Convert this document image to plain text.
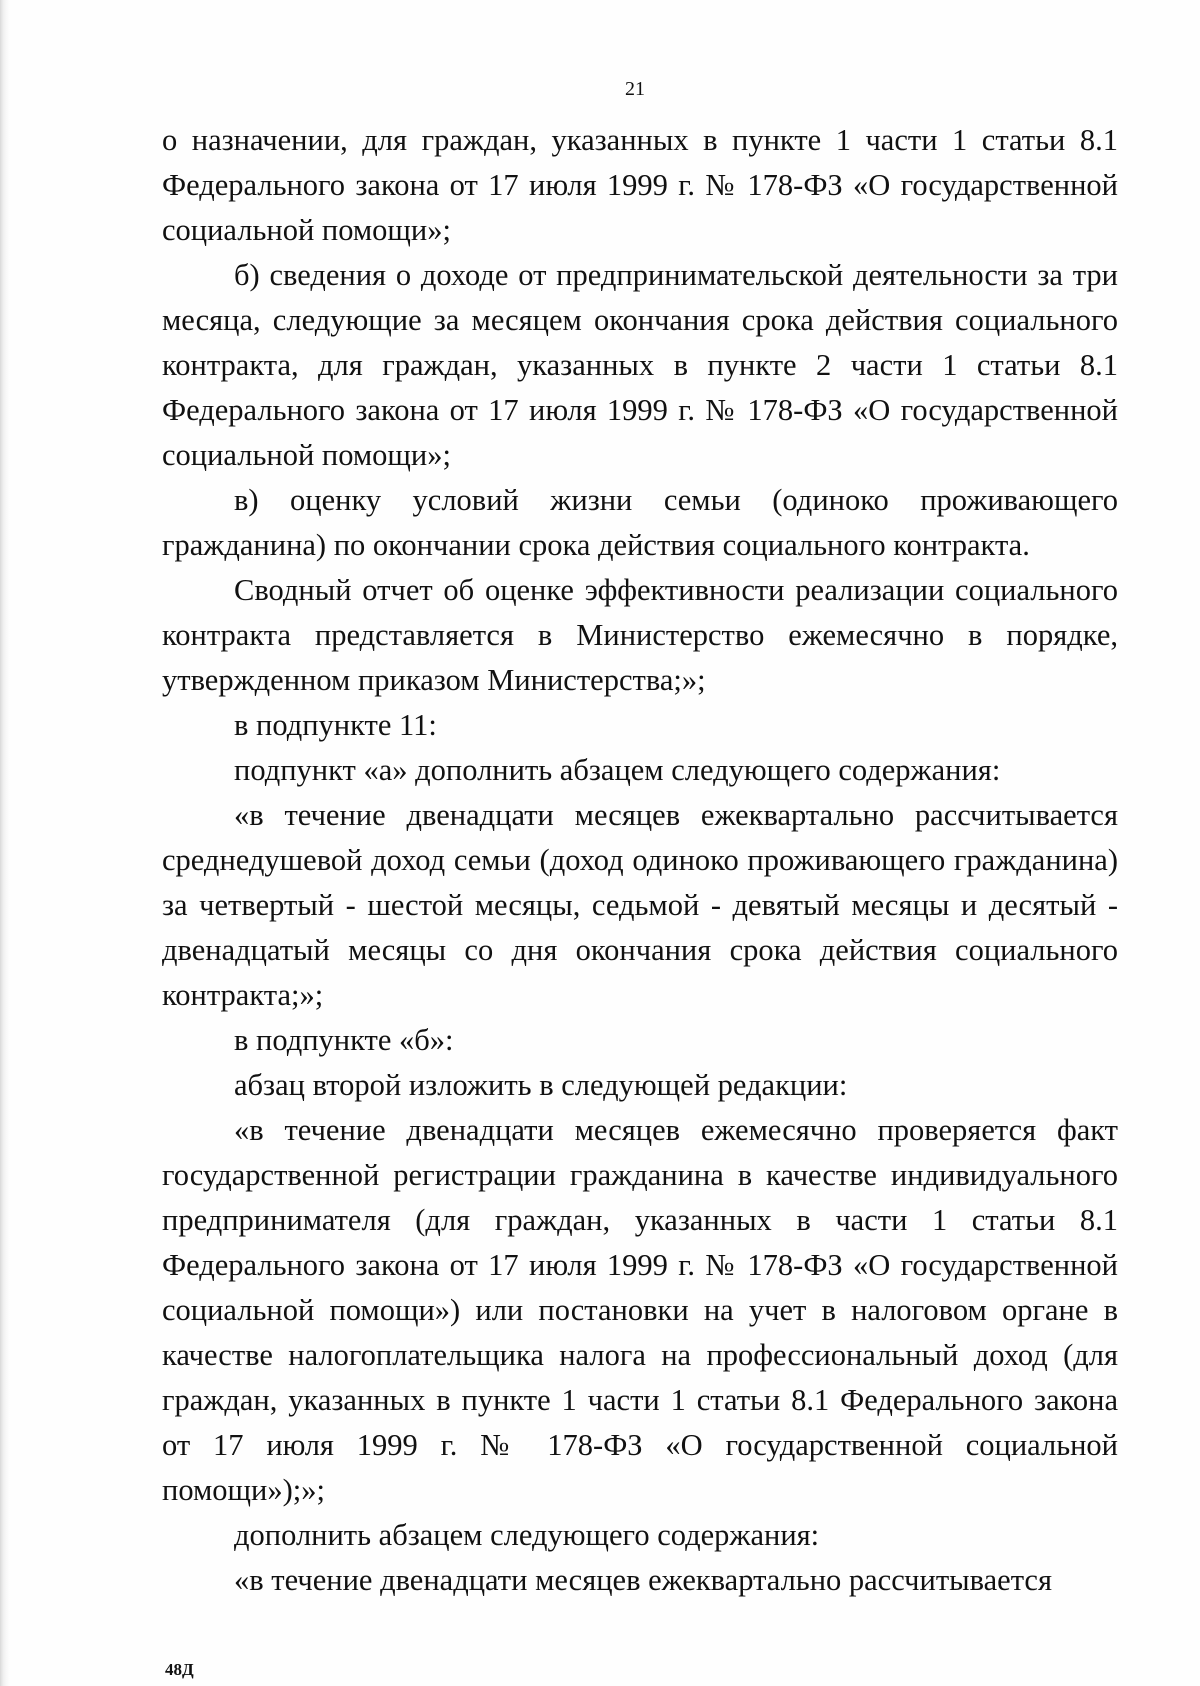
21

о назначении, для граждан, указанных в пункте 1 части 1 статьи 8.1 Федерального закона от 17 июля 1999 г. № 178-ФЗ «О государственной социальной помощи»;

б) сведения о доходе от предпринимательской деятельности за три месяца, следующие за месяцем окончания срока действия социального контракта, для граждан, указанных в пункте 2 части 1 статьи 8.1 Федерального закона от 17 июля 1999 г. № 178-ФЗ «О государственной социальной помощи»;

в) оценку условий жизни семьи (одиноко проживающего гражданина) по окончании срока действия социального контракта.

Сводный отчет об оценке эффективности реализации социального контракта представляется в Министерство ежемесячно в порядке, утвержденном приказом Министерства;»;

в подпункте 11:

подпункт «а» дополнить абзацем следующего содержания:

«в течение двенадцати месяцев ежеквартально рассчитывается среднедушевой доход семьи (доход одиноко проживающего гражданина) за четвертый - шестой месяцы, седьмой - девятый месяцы и десятый - двенадцатый месяцы со дня окончания срока действия социального контракта;»;

в подпункте «б»:

абзац второй изложить в следующей редакции:

«в течение двенадцати месяцев ежемесячно проверяется факт государственной регистрации гражданина в качестве индивидуального предпринимателя (для граждан, указанных в части 1 статьи 8.1 Федерального закона от 17 июля 1999 г. № 178-ФЗ «О государственной социальной помощи») или постановки на учет в налоговом органе в качестве налогоплательщика налога на профессиональный доход (для граждан, указанных в пункте 1 части 1 статьи 8.1 Федерального закона от 17 июля 1999 г. № 178-ФЗ «О государственной социальной помощи»);»;

дополнить абзацем следующего содержания:

«в течение двенадцати месяцев ежеквартально рассчитывается

48Д
